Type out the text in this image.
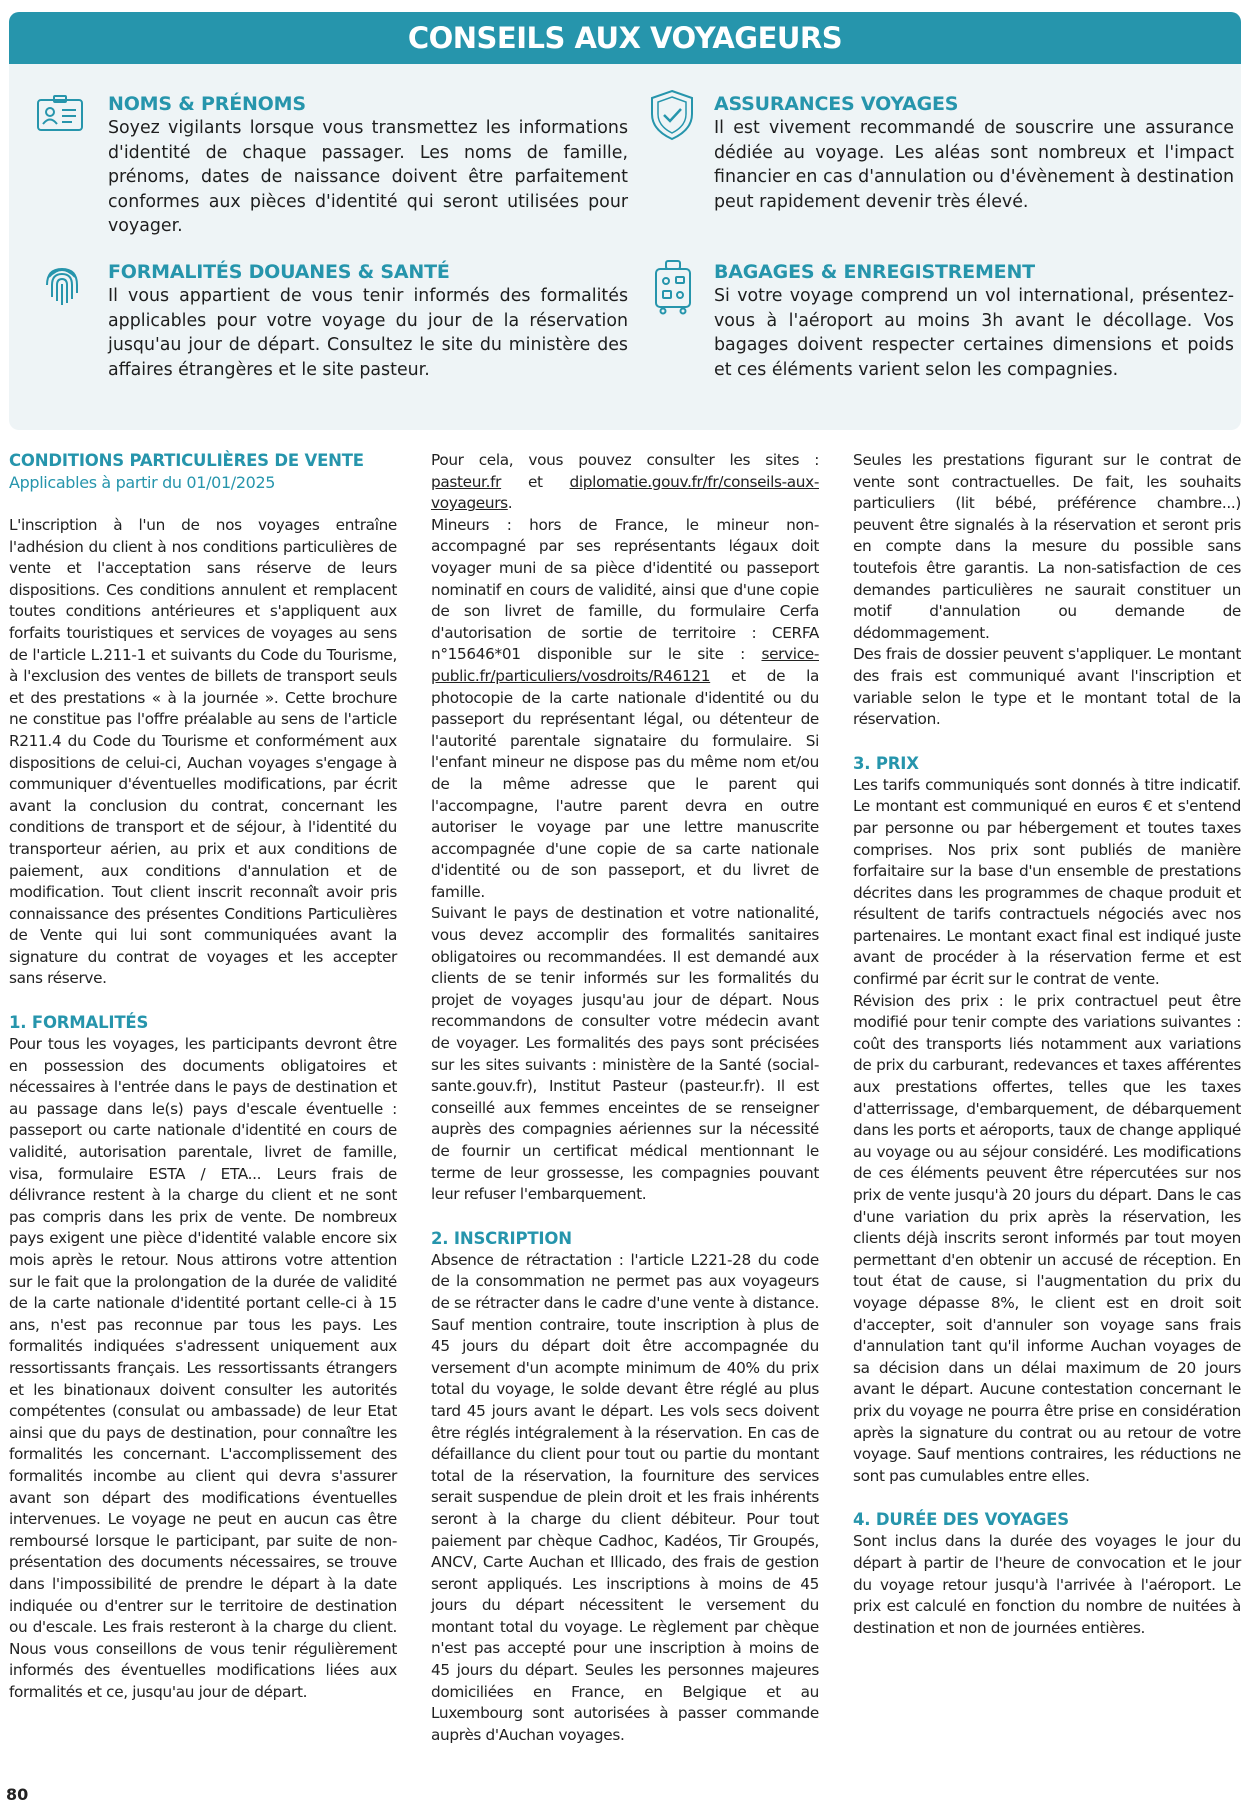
CONSEILS AUX VOYAGEURS
NOMS & PRÉNOMS
Soyez vigilants lorsque vous transmettez les informations d'identité de chaque passager. Les noms de famille, prénoms, dates de naissance doivent être parfaitement conformes aux pièces d'identité qui seront utilisées pour voyager.
ASSURANCES VOYAGES
Il est vivement recommandé de souscrire une assurance dédiée au voyage. Les aléas sont nombreux et l'impact financier en cas d'annulation ou d'évènement à destination peut rapidement devenir très élevé.
FORMALITÉS DOUANES & SANTÉ
Il vous appartient de vous tenir informés des formalités applicables pour votre voyage du jour de la réservation jusqu'au jour de départ. Consultez le site du ministère des affaires étrangères et le site pasteur.
BAGAGES & ENREGISTREMENT
Si votre voyage comprend un vol international, présentez-vous à l'aéroport au moins 3h avant le décollage. Vos bagages doivent respecter certaines dimensions et poids et ces éléments varient selon les compagnies.
CONDITIONS PARTICULIÈRES DE VENTE
Applicables à partir du 01/01/2025

L'inscription à l'un de nos voyages entraîne l'adhésion du client à nos conditions particulières de vente et l'acceptation sans réserve de leurs dispositions. Ces conditions annulent et remplacent toutes conditions antérieures et s'appliquent aux forfaits touristiques et services de voyages au sens de l'article L.211-1 et suivants du Code du Tourisme, à l'exclusion des ventes de billets de transport seuls et des prestations « à la journée ». Cette brochure ne constitue pas l'offre préalable au sens de l'article R211.4 du Code du Tourisme et conformément aux dispositions de celui-ci, Auchan voyages s'engage à communiquer d'éventuelles modifications, par écrit avant la conclusion du contrat, concernant les conditions de transport et de séjour, à l'identité du transporteur aérien, au prix et aux conditions de paiement, aux conditions d'annulation et de modification. Tout client inscrit reconnaît avoir pris connaissance des présentes Conditions Particulières de Vente qui lui sont communiquées avant la signature du contrat de voyages et les accepter sans réserve.

1. FORMALITÉS

Pour tous les voyages, les participants devront être en possession des documents obligatoires et nécessaires à l'entrée dans le pays de destination et au passage dans le(s) pays d'escale éventuelle : passeport ou carte nationale d'identité en cours de validité, autorisation parentale, livret de famille, visa, formulaire ESTA / ETA... Leurs frais de délivrance restent à la charge du client et ne sont pas compris dans les prix de vente. De nombreux pays exigent une pièce d'identité valable encore six mois après le retour. Nous attirons votre attention sur le fait que la prolongation de la durée de validité de la carte nationale d'identité portant celle-ci à 15 ans, n'est pas reconnue par tous les pays. Les formalités indiquées s'adressent uniquement aux ressortissants français. Les ressortissants étrangers et les binationaux doivent consulter les autorités compétentes (consulat ou ambassade) de leur Etat ainsi que du pays de destination, pour connaître les formalités les concernant. L'accomplissement des formalités incombe au client qui devra s'assurer avant son départ des modifications éventuelles intervenues. Le voyage ne peut en aucun cas être remboursé lorsque le participant, par suite de non-présentation des documents nécessaires, se trouve dans l'impossibilité de prendre le départ à la date indiquée ou d'entrer sur le territoire de destination ou d'escale. Les frais resteront à la charge du client. Nous vous conseillons de vous tenir régulièrement informés des éventuelles modifications liées aux formalités et ce, jusqu'au jour de départ.

Pour cela, vous pouvez consulter les sites : pasteur.fr et diplomatie.gouv.fr/fr/conseils-aux-voyageurs.

Mineurs : hors de France, le mineur non-accompagné par ses représentants légaux doit voyager muni de sa pièce d'identité ou passeport nominatif en cours de validité, ainsi que d'une copie de son livret de famille, du formulaire Cerfa d'autorisation de sortie de territoire : CERFA n°15646*01 disponible sur le site : service-public.fr/particuliers/vosdroits/R46121 et de la photocopie de la carte nationale d'identité ou du passeport du représentant légal, ou détenteur de l'autorité parentale signataire du formulaire. Si l'enfant mineur ne dispose pas du même nom et/ou de la même adresse que le parent qui l'accompagne, l'autre parent devra en outre autoriser le voyage par une lettre manuscrite accompagnée d'une copie de sa carte nationale d'identité ou de son passeport, et du livret de famille.

Suivant le pays de destination et votre nationalité, vous devez accomplir des formalités sanitaires obligatoires ou recommandées. Il est demandé aux clients de se tenir informés sur les formalités du projet de voyages jusqu'au jour de départ. Nous recommandons de consulter votre médecin avant de voyager. Les formalités des pays sont précisées sur les sites suivants : ministère de la Santé (social-sante.gouv.fr), Institut Pasteur (pasteur.fr). Il est conseillé aux femmes enceintes de se renseigner auprès des compagnies aériennes sur la nécessité de fournir un certificat médical mentionnant le terme de leur grossesse, les compagnies pouvant leur refuser l'embarquement.

2. INSCRIPTION

Absence de rétractation : l'article L221-28 du code de la consommation ne permet pas aux voyageurs de se rétracter dans le cadre d'une vente à distance. Sauf mention contraire, toute inscription à plus de 45 jours du départ doit être accompagnée du versement d'un acompte minimum de 40% du prix total du voyage, le solde devant être réglé au plus tard 45 jours avant le départ. Les vols secs doivent être réglés intégralement à la réservation. En cas de défaillance du client pour tout ou partie du montant total de la réservation, la fourniture des services serait suspendue de plein droit et les frais inhérents seront à la charge du client débiteur. Pour tout paiement par chèque Cadhoc, Kadéos, Tir Groupés, ANCV, Carte Auchan et Illicado, des frais de gestion seront appliqués. Les inscriptions à moins de 45 jours du départ nécessitent le versement du montant total du voyage. Le règlement par chèque n'est pas accepté pour une inscription à moins de 45 jours du départ. Seules les personnes majeures domiciliées en France, en Belgique et au Luxembourg sont autorisées à passer commande auprès d'Auchan voyages.

Seules les prestations figurant sur le contrat de vente sont contractuelles. De fait, les souhaits particuliers (lit bébé, préférence chambre...) peuvent être signalés à la réservation et seront pris en compte dans la mesure du possible sans toutefois être garantis. La non-satisfaction de ces demandes particulières ne saurait constituer un motif d'annulation ou demande de dédommagement.

Des frais de dossier peuvent s'appliquer. Le montant des frais est communiqué avant l'inscription et variable selon le type et le montant total de la réservation.

3. PRIX

Les tarifs communiqués sont donnés à titre indicatif. Le montant est communiqué en euros € et s'entend par personne ou par hébergement et toutes taxes comprises. Nos prix sont publiés de manière forfaitaire sur la base d'un ensemble de prestations décrites dans les programmes de chaque produit et résultent de tarifs contractuels négociés avec nos partenaires. Le montant exact final est indiqué juste avant de procéder à la réservation ferme et est confirmé par écrit sur le contrat de vente.

Révision des prix : le prix contractuel peut être modifié pour tenir compte des variations suivantes : coût des transports liés notamment aux variations de prix du carburant, redevances et taxes afférentes aux prestations offertes, telles que les taxes d'atterrissage, d'embarquement, de débarquement dans les ports et aéroports, taux de change appliqué au voyage ou au séjour considéré. Les modifications de ces éléments peuvent être répercutées sur nos prix de vente jusqu'à 20 jours du départ. Dans le cas d'une variation du prix après la réservation, les clients déjà inscrits seront informés par tout moyen permettant d'en obtenir un accusé de réception. En tout état de cause, si l'augmentation du prix du voyage dépasse 8%, le client est en droit soit d'accepter, soit d'annuler son voyage sans frais d'annulation tant qu'il informe Auchan voyages de sa décision dans un délai maximum de 20 jours avant le départ. Aucune contestation concernant le prix du voyage ne pourra être prise en considération après la signature du contrat ou au retour de votre voyage. Sauf mentions contraires, les réductions ne sont pas cumulables entre elles.

4. DURÉE DES VOYAGES

Sont inclus dans la durée des voyages le jour du départ à partir de l'heure de convocation et le jour du voyage retour jusqu'à l'arrivée à l'aéroport. Le prix est calculé en fonction du nombre de nuitées à destination et non de journées entières.

80
